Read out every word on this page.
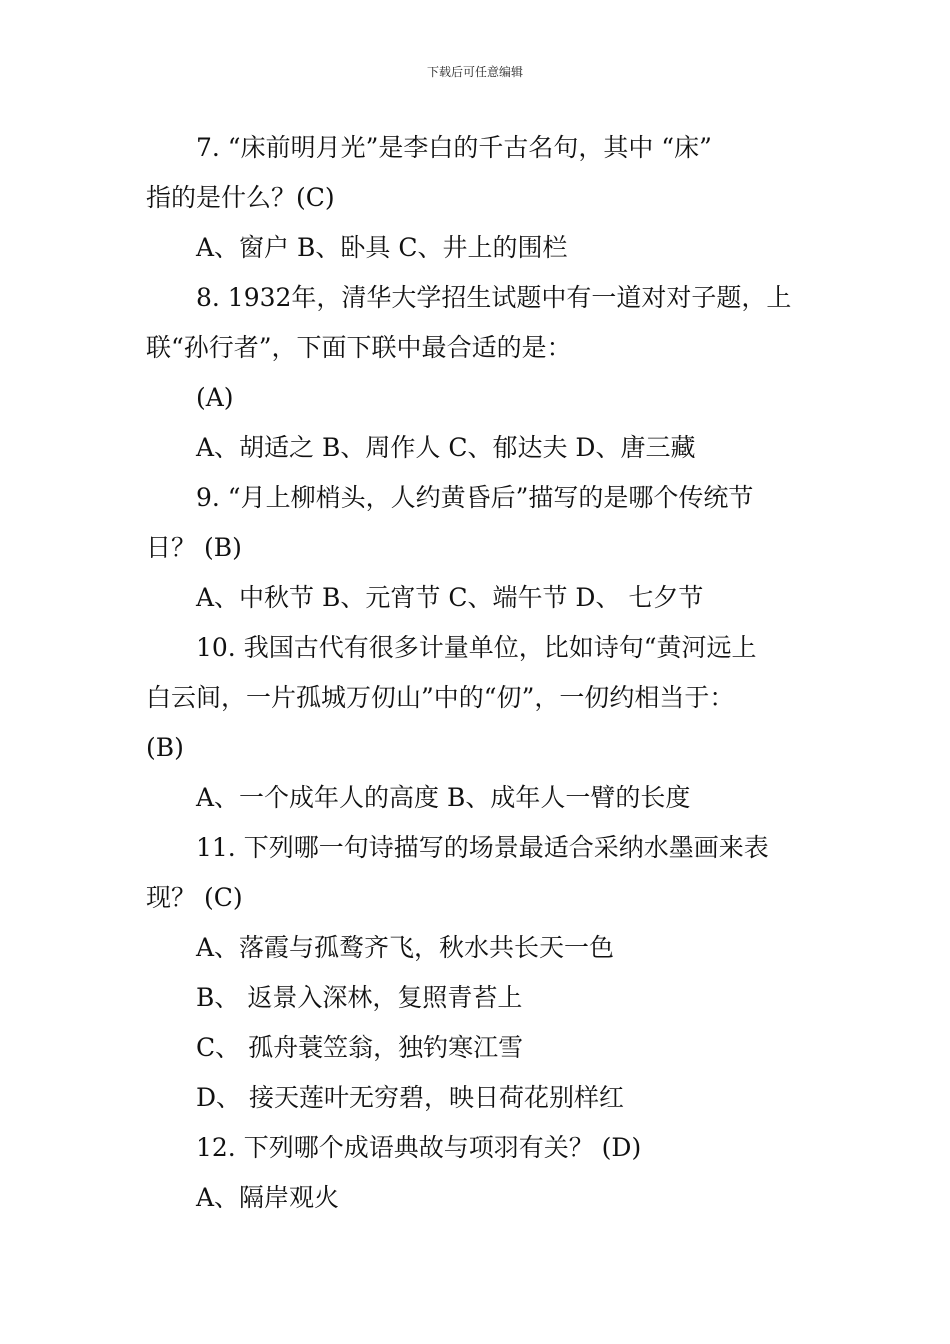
下载后可任意编辑
7. “床前明月光”是李白的千古名句，其中 “床”
指的是什么？(C)
A、窗户 B、卧具 C、井上的围栏
8. 1932年，清华大学招生试题中有一道对对子题，上
联“孙行者”，下面下联中最合适的是：
(A)
A、胡适之 B、周作人 C、郁达夫 D、唐三藏
9. “月上柳梢头，人约黄昏后”描写的是哪个传统节
日？ (B)
A、中秋节 B、元宵节 C、端午节 D、 七夕节
10. 我国古代有很多计量单位，比如诗句“黄河远上
白云间，一片孤城万仞山”中的“仞”，一仞约相当于：
(B)
A、一个成年人的高度 B、成年人一臂的长度
11. 下列哪一句诗描写的场景最适合采纳水墨画来表
现？ (C)
A、落霞与孤鹜齐飞，秋水共长天一色
B、 返景入深林，复照青苔上
C、 孤舟蓑笠翁，独钓寒江雪
D、 接天莲叶无穷碧，映日荷花别样红
12. 下列哪个成语典故与项羽有关？ (D)
A、隔岸观火
